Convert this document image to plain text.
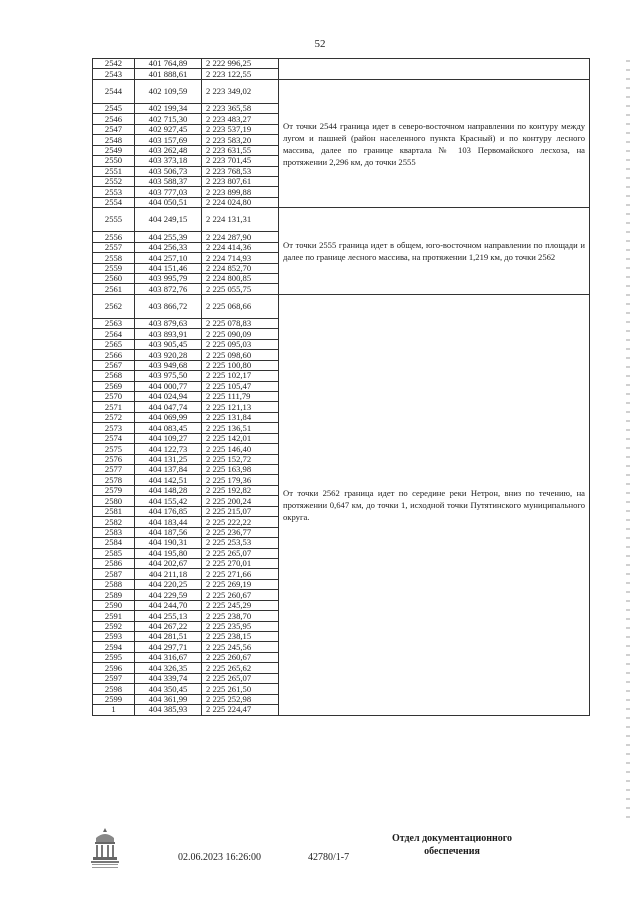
52
2542	401 764,89	2 222 996,25	
2543	401 888,61	2 223 122,55	
2544	402 109,59	2 223 349,02	От точки 2544 граница идет в северо-восточном направлении по контуру между лугом и пашней (район населенного пункта Красный) и по контуру лесного массива, далее по границе квартала № 103 Первомайского лесхоза, на протяжении 2,296 км, до точки 2555
2545	402 199,34	2 223 365,58	
2546	402 715,30	2 223 483,27	
2547	402 927,45	2 223 537,19	
2548	403 157,69	2 223 583,20	
2549	403 262,48	2 223 631,55	
2550	403 373,18	2 223 701,45	
2551	403 506,73	2 223 768,53	
2552	403 588,37	2 223 807,61	
2553	403 777,03	2 223 899,88	
2554	404 050,51	2 224 024,80	
2555	404 249,15	2 224 131,31	От точки 2555 граница идет в общем, юго-восточном направлении по площади и далее по границе лесного массива, на протяжении 1,219 км, до точки 2562
2556	404 255,39	2 224 287,90	
2557	404 256,33	2 224 414,36	
2558	404 257,10	2 224 714,93	
2559	404 151,46	2 224 852,70	
2560	403 995,79	2 224 800,85	
2561	403 872,76	2 225 055,75	
2562	403 866,72	2 225 068,66	От точки 2562 граница идет по середине реки Нетрон, вниз по течению, на протяжении 0,647 км, до точки 1, исходной точки Путятинского муниципального округа.
2563	403 879,63	2 225 078,83	
2564	403 893,91	2 225 090,09	
2565	403 905,45	2 225 095,03	
2566	403 920,28	2 225 098,60	
2567	403 949,68	2 225 100,80	
2568	403 975,50	2 225 102,17	
2569	404 000,77	2 225 105,47	
2570	404 024,94	2 225 111,79	
2571	404 047,74	2 225 121,13	
2572	404 069,99	2 225 131,84	
2573	404 083,45	2 225 136,51	
2574	404 109,27	2 225 142,01	
2575	404 122,73	2 225 146,40	
2576	404 131,25	2 225 152,72	
2577	404 137,84	2 225 163,98	
2578	404 142,51	2 225 179,36	
2579	404 148,28	2 225 192,82	
2580	404 155,42	2 225 200,24	
2581	404 176,85	2 225 215,07	
2582	404 183,44	2 225 222,22	
2583	404 187,56	2 225 236,77	
2584	404 190,31	2 225 253,53	
2585	404 195,80	2 225 265,07	
2586	404 202,67	2 225 270,01	
2587	404 211,18	2 225 271,66	
2588	404 220,25	2 225 269,19	
2589	404 229,59	2 225 260,67	
2590	404 244,70	2 225 245,29	
2591	404 255,13	2 225 238,70	
2592	404 267,22	2 225 235,95	
2593	404 281,51	2 225 238,15	
2594	404 297,71	2 225 245,56	
2595	404 316,67	2 225 260,67	
2596	404 326,35	2 225 265,62	
2597	404 339,74	2 225 265,07	
2598	404 350,45	2 225 261,50	
2599	404 361,99	2 225 252,98	
1	404 385,93	2 225 224,47	
02.06.2023 16:26:00	42780/1-7
Отдел документационного обеспечения
